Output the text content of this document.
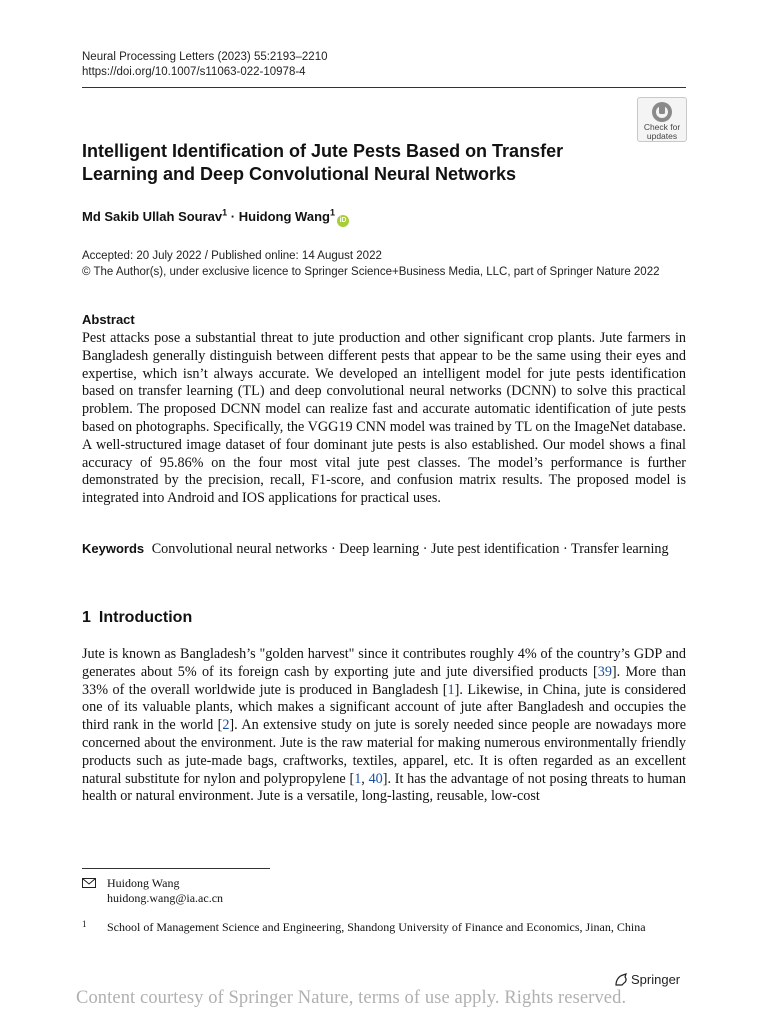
Neural Processing Letters (2023) 55:2193–2210
https://doi.org/10.1007/s11063-022-10978-4
Check for
updates
Intelligent Identification of Jute Pests Based on Transfer Learning and Deep Convolutional Neural Networks
Md Sakib Ullah Sourav$^1$ · Huidong Wang$^1$iD
Accepted: 20 July 2022 / Published online: 14 August 2022
© The Author(s), under exclusive licence to Springer Science+Business Media, LLC, part of Springer Nature 2022
Abstract
Pest attacks pose a substantial threat to jute production and other significant crop plants. Jute farmers in Bangladesh generally distinguish between different pests that appear to be the same using their eyes and expertise, which isn’t always accurate. We developed an intelligent model for jute pests identification based on transfer learning (TL) and deep convolutional neural networks (DCNN) to solve this practical problem. The proposed DCNN model can realize fast and accurate automatic identification of jute pests based on photographs. Specifically, the VGG19 CNN model was trained by TL on the ImageNet database. A well-structured image dataset of four dominant jute pests is also established. Our model shows a final accuracy of 95.86% on the four most vital jute pest classes. The model’s performance is further demonstrated by the precision, recall, F1-score, and confusion matrix results. The proposed model is integrated into Android and IOS applications for practical uses.
Keywords Convolutional neural networks · Deep learning · Jute pest identification · Transfer learning
1 Introduction
Jute is known as Bangladesh’s "golden harvest" since it contributes roughly 4% of the country’s GDP and generates about 5% of its foreign cash by exporting jute and jute diversified products [39]. More than 33% of the overall worldwide jute is produced in Bangladesh [1]. Likewise, in China, jute is considered one of its valuable plants, which makes a significant account of jute after Bangladesh and occupies the third rank in the world [2]. An extensive study on jute is sorely needed since people are nowadays more concerned about the environment. Jute is the raw material for making numerous environmentally friendly products such as jute-made bags, craftworks, textiles, apparel, etc. It is often regarded as an excellent natural substitute for nylon and polypropylene [1, 40]. It has the advantage of not posing threats to human health or natural environment. Jute is a versatile, long-lasting, reusable, low-cost
Huidong Wang
huidong.wang@ia.ac.cn
1 School of Management Science and Engineering, Shandong University of Finance and Economics, Jinan, China
Springer
Content courtesy of Springer Nature, terms of use apply. Rights reserved.
